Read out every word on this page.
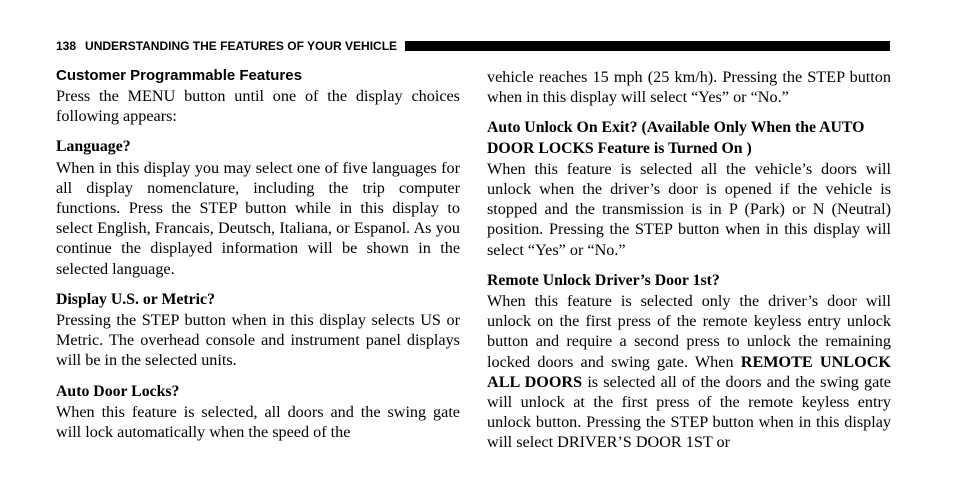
138 UNDERSTANDING THE FEATURES OF YOUR VEHICLE

Customer Programmable Features

Press the MENU button until one of the display choices following appears:

Language?

When in this display you may select one of five languages for all display nomenclature, including the trip computer functions. Press the STEP button while in this display to select English, Francais, Deutsch, Italiana, or Espanol. As you continue the displayed information will be shown in the selected language.

Display U.S. or Metric?

Pressing the STEP button when in this display selects US or Metric. The overhead console and instrument panel displays will be in the selected units.

Auto Door Locks?

When this feature is selected, all doors and the swing gate will lock automatically when the speed of the

vehicle reaches 15 mph (25 km/h). Pressing the STEP button when in this display will select “Yes” or “No.”

Auto Unlock On Exit? (Available Only When the AUTO DOOR LOCKS Feature is Turned On )

When this feature is selected all the vehicle’s doors will unlock when the driver’s door is opened if the vehicle is stopped and the transmission is in P (Park) or N (Neutral) position. Pressing the STEP button when in this display will select “Yes” or “No.”

Remote Unlock Driver’s Door 1st?

When this feature is selected only the driver’s door will unlock on the first press of the remote keyless entry unlock button and require a second press to unlock the remaining locked doors and swing gate. When REMOTE UNLOCK ALL DOORS is selected all of the doors and the swing gate will unlock at the first press of the remote keyless entry unlock button. Pressing the STEP button when in this display will select DRIVER’S DOOR 1ST or
